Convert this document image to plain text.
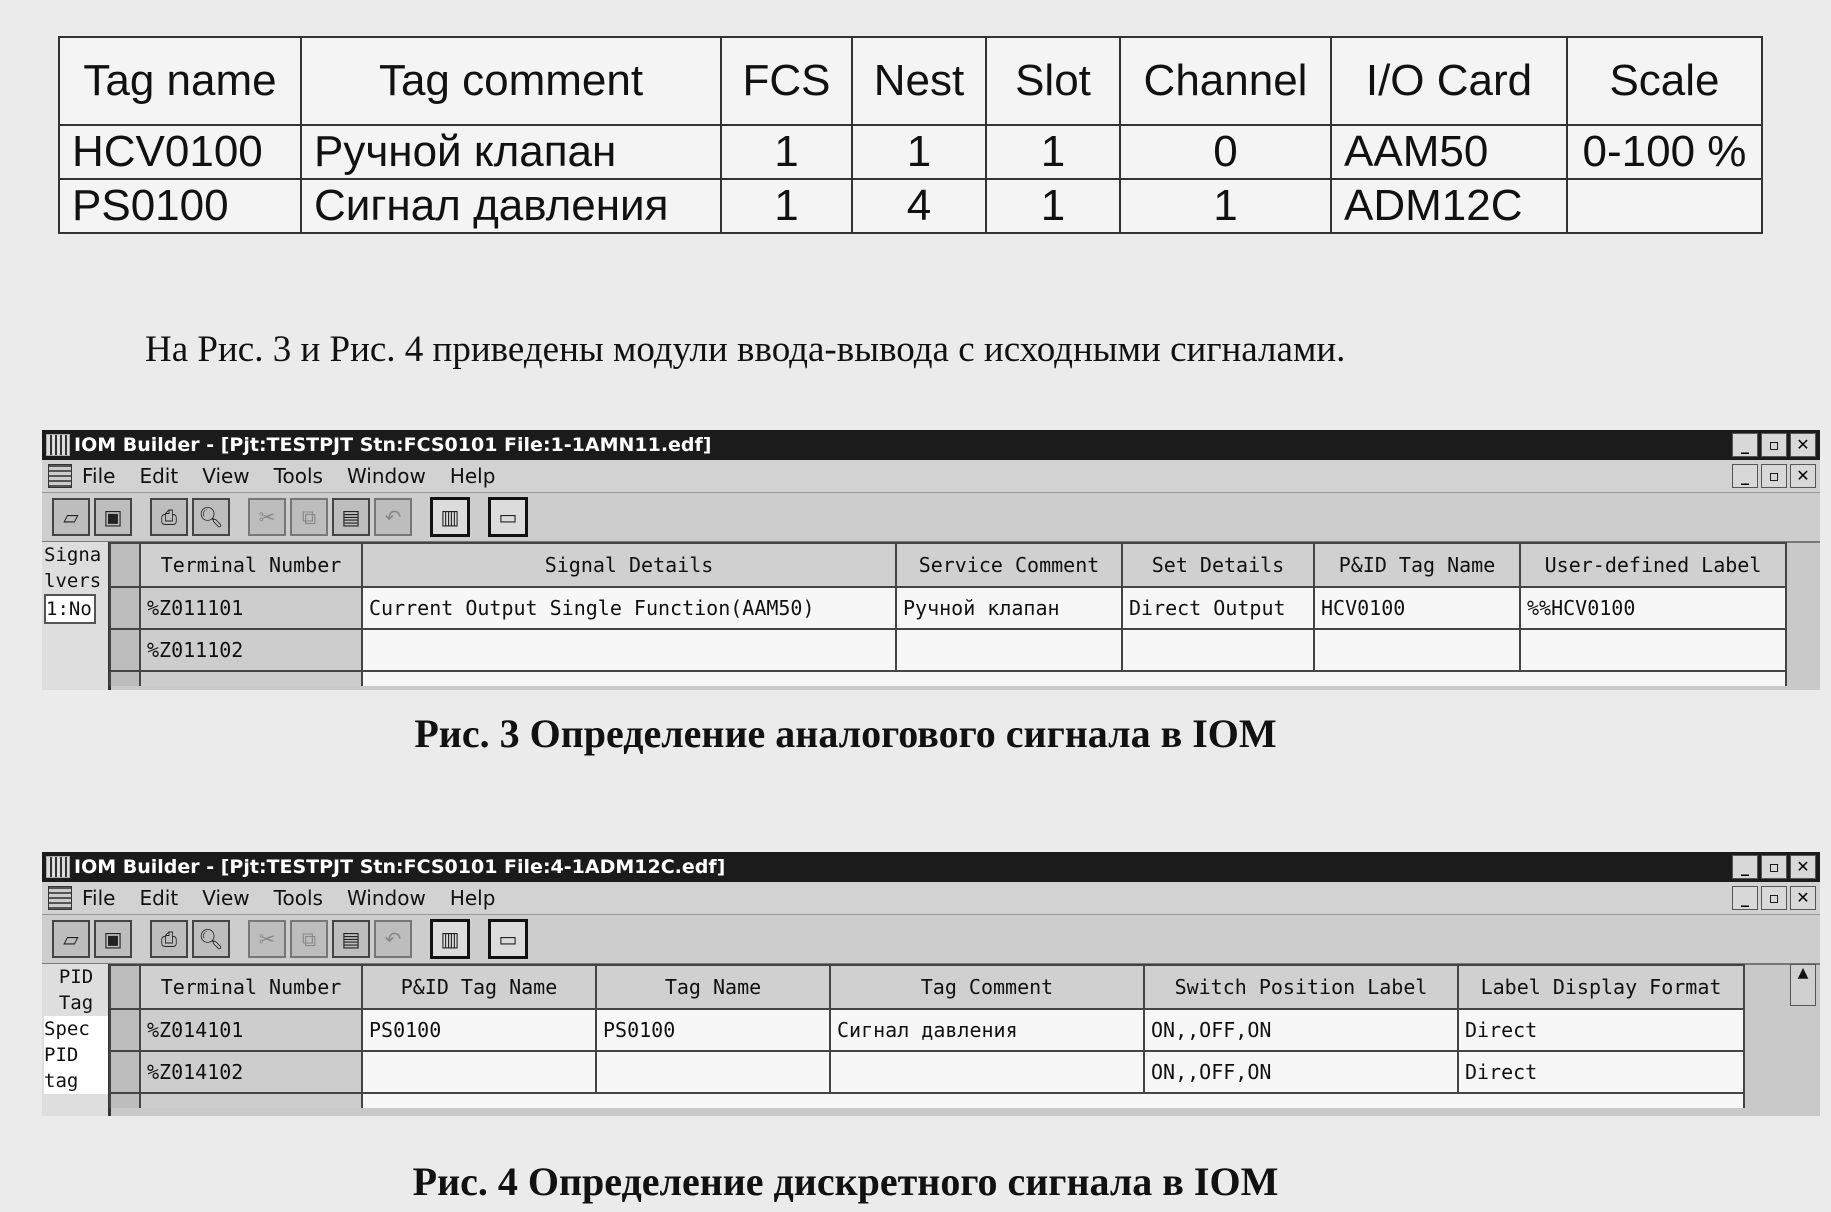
Tag name	Tag comment	FCS	Nest	Slot	Channel	I/O Card	Scale
HCV0100	Ручной клапан	1	1	1	0	AAM50	0-100 %
PS0100	Сигнал давления	1	4	1	1	ADM12C	
На Рис. 3 и Рис. 4 приведены модули ввода-вывода с исходными сигналами.
IOM Builder - [Pjt:TESTPJT Stn:FCS0101 File:1-1AMN11.edf]	_	▫	✕
File Edit View Tools Window Help	_	▫	✕
▱	▣	⎙	🔍︎	✂	⧉	▤	↶	▥	▭
Signa
lvers
1:No
	Terminal Number	Signal Details	Service Comment	Set Details	P&ID Tag Name	User-defined Label
	%Z011101	Current Output Single Function(AAM50)	Ручной клапан	Direct Output	HCV0100	%%HCV0100
	%Z011102					

Рис. 3 Определение аналогового сигнала в IOM
IOM Builder - [Pjt:TESTPJT Stn:FCS0101 File:4-1ADM12C.edf]	_	▫	✕
File Edit View Tools Window Help	_	▫	✕
▱	▣	⎙	🔍︎	✂	⧉	▤	↶	▥	▭
PID
Tag
Spec
PID
tag
	Terminal Number	P&ID Tag Name	Tag Name	Tag Comment	Switch Position Label	Label Display Format
	%Z014101	PS0100	PS0100	Сигнал давления	ON,,OFF,ON	Direct
	%Z014102				ON,,OFF,ON	Direct

▲
Рис. 4 Определение дискретного сигнала в IOM
